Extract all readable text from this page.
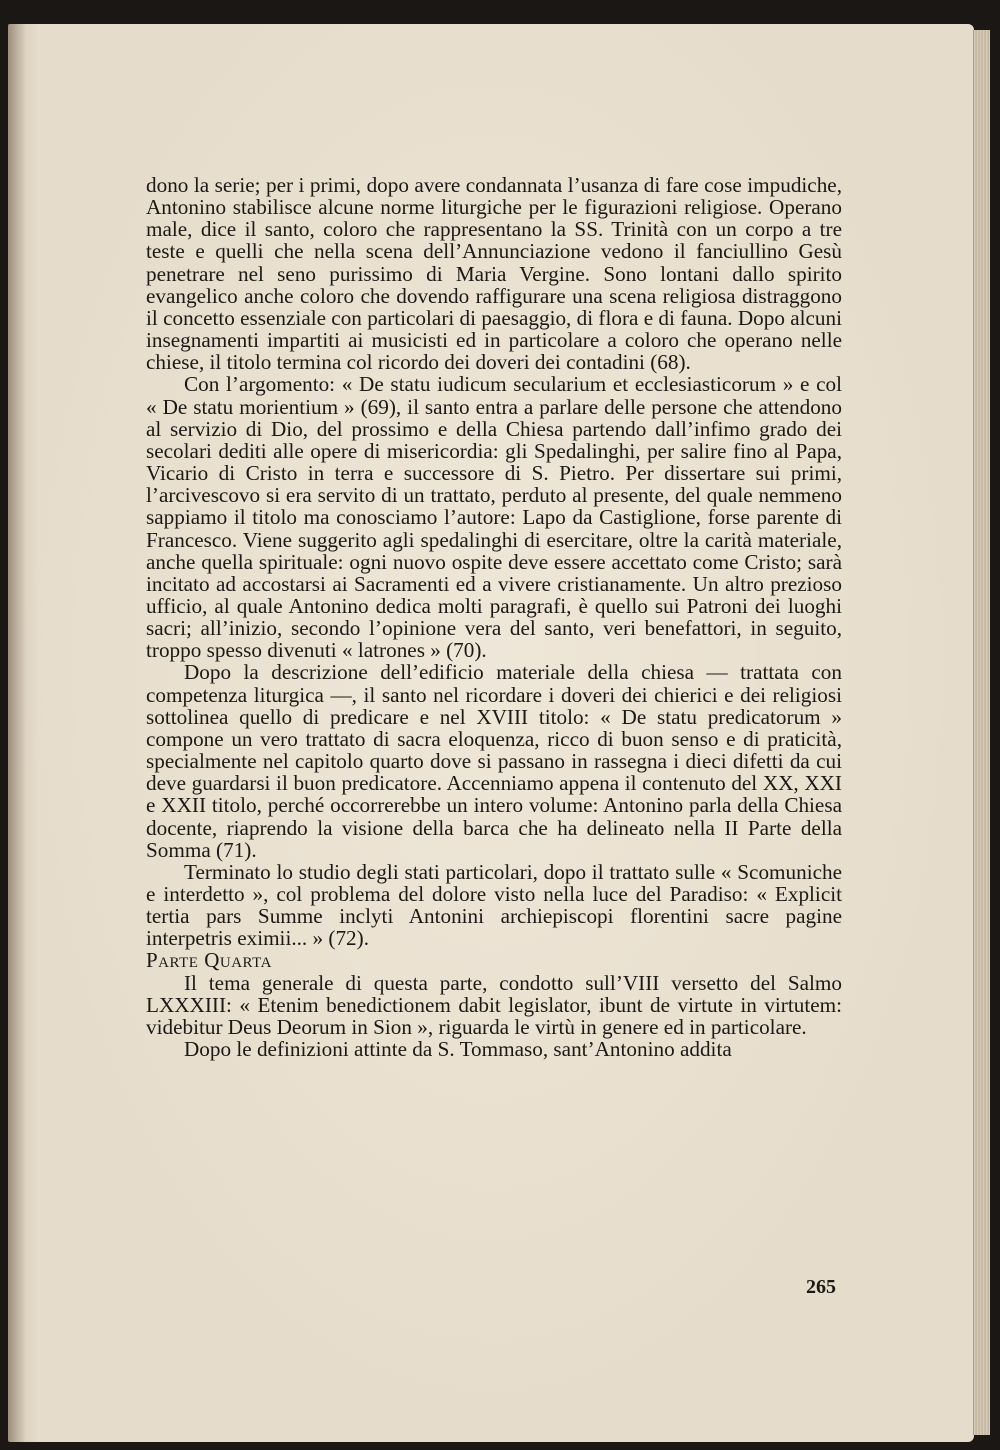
dono la serie; per i primi, dopo avere condannata l’usanza di fare cose impudiche, Antonino stabilisce alcune norme liturgiche per le figurazioni religiose. Operano male, dice il santo, coloro che rappresentano la SS. Trinità con un corpo a tre teste e quelli che nella scena dell’Annunciazione vedono il fanciullino Gesù penetrare nel seno purissimo di Maria Vergine. Sono lontani dallo spirito evangelico anche coloro che dovendo raffigurare una scena religiosa distraggono il concetto essenziale con particolari di paesaggio, di flora e di fauna. Dopo alcuni insegnamenti impartiti ai musicisti ed in particolare a coloro che operano nelle chiese, il titolo termina col ricordo dei doveri dei contadini (68).

Con l’argomento: « De statu iudicum secularium et ecclesiasticorum » e col « De statu morientium » (69), il santo entra a parlare delle persone che attendono al servizio di Dio, del prossimo e della Chiesa partendo dall’infimo grado dei secolari dediti alle opere di misericordia: gli Spedalinghi, per salire fino al Papa, Vicario di Cristo in terra e successore di S. Pietro. Per dissertare sui primi, l’arcivescovo si era servito di un trattato, perduto al presente, del quale nemmeno sappiamo il titolo ma conosciamo l’autore: Lapo da Castiglione, forse parente di Francesco. Viene suggerito agli spedalinghi di esercitare, oltre la carità materiale, anche quella spirituale: ogni nuovo ospite deve essere accettato come Cristo; sarà incitato ad accostarsi ai Sacramenti ed a vivere cristianamente. Un altro prezioso ufficio, al quale Antonino dedica molti paragrafi, è quello sui Patroni dei luoghi sacri; all’inizio, secondo l’opinione vera del santo, veri benefattori, in seguito, troppo spesso divenuti « latrones » (70).

Dopo la descrizione dell’edificio materiale della chiesa — trattata con competenza liturgica —, il santo nel ricordare i doveri dei chierici e dei religiosi sottolinea quello di predicare e nel XVIII titolo: « De statu predicatorum » compone un vero trattato di sacra eloquenza, ricco di buon senso e di praticità, specialmente nel capitolo quarto dove si passano in rassegna i dieci difetti da cui deve guardarsi il buon predicatore. Accenniamo appena il contenuto del XX, XXI e XXII titolo, perché occorrerebbe un intero volume: Antonino parla della Chiesa docente, riaprendo la visione della barca che ha delineato nella II Parte della Somma (71).

Terminato lo studio degli stati particolari, dopo il trattato sulle « Scomuniche e interdetto », col problema del dolore visto nella luce del Paradiso: « Explicit tertia pars Summe inclyti Antonini archiepiscopi florentini sacre pagine interpetris eximii... » (72).

Parte Quarta

Il tema generale di questa parte, condotto sull’VIII versetto del Salmo LXXXIII: « Etenim benedictionem dabit legislator, ibunt de virtute in virtutem: videbitur Deus Deorum in Sion », riguarda le virtù in genere ed in particolare.

Dopo le definizioni attinte da S. Tommaso, sant’Antonino addita

265
